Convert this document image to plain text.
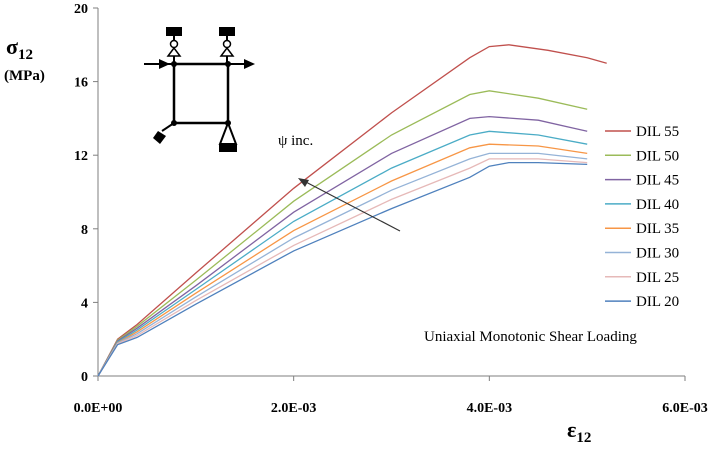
0
4
8
12
16
20
0.0E+00	2.0E-03	4.0E-03	6.0E-03
DIL 55
DIL 50
DIL 45
DIL 40
DIL 35
DIL 30
DIL 25
DIL 20
$\sigma_{12}$
(MPa)
$\varepsilon_{12}$
ψ inc.
Uniaxial Monotonic Shear Loading
